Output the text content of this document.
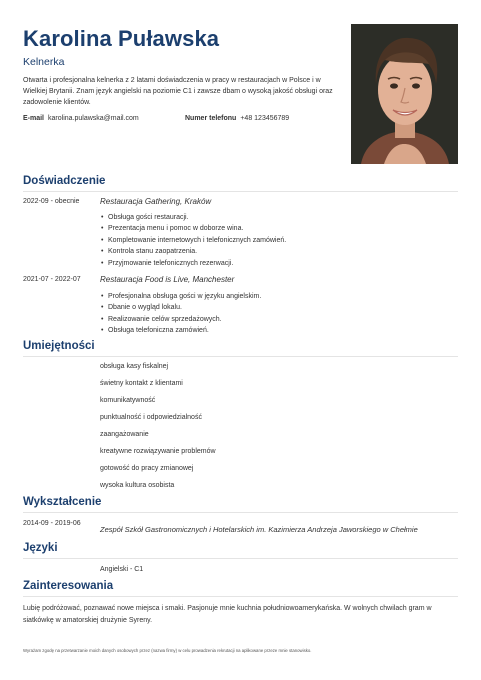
Karolina Puławska
Kelnerka
Otwarta i profesjonalna kelnerka z 2 latami doświadczenia w pracy w restauracjach w Polsce i w Wielkiej Brytanii. Znam język angielski na poziomie C1 i zawsze dbam o wysoką jakość obsługi oraz zadowolenie klientów.
E-mail karolina.pulawska@mail.com	Numer telefonu +48 123456789
Doświadczenie
2022-09 - obecnie	Restauracja Gathering, Kraków
• Obsługa gości restauracji.
• Prezentacja menu i pomoc w doborze wina.
• Kompletowanie internetowych i telefonicznych zamówień.
• Kontrola stanu zaopatrzenia.
• Przyjmowanie telefonicznych rezerwacji.
2021-07 - 2022-07 Restauracja Food is Live, Manchester
• Profesjonalna obsługa gości w języku angielskim.
• Dbanie o wygląd lokalu.
• Realizowanie celów sprzedażowych.
• Obsługa telefoniczna zamówień.
Umiejętności
obsługa kasy fiskalnej
świetny kontakt z klientami
komunikatywność
punktualność i odpowiedzialność
zaangażowanie
kreatywne rozwiązywanie problemów
gotowość do pracy zmianowej
wysoka kultura osobista
Wykształcenie
2014-09 - 2019-06
Zespół Szkół Gastronomicznych i Hotelarskich im. Kazimierza Andrzeja Jaworskiego w Chełmie
Języki
Angielski - C1
Zainteresowania
Lubię podróżować, poznawać nowe miejsca i smaki. Pasjonuje mnie kuchnia południowoamerykańska. W wolnych chwilach gram w siatkówkę w amatorskiej drużynie Syreny.
Wyrażam zgodę na przetwarzanie moich danych osobowych przez (nazwa firmy) w celu prowadzenia rekrutacji na aplikowane przeze mnie stanowisko.
